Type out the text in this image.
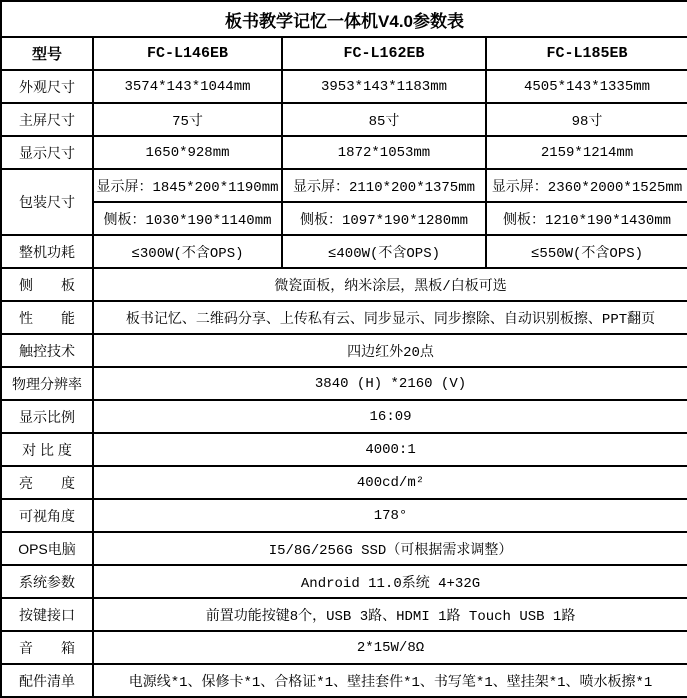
板书教学记忆一体机V4.0参数表			
型号	FC-L146EB	FC-L162EB	FC-L185EB
外观尺寸	3574*143*1044mm	3953*143*1183mm	4505*143*1335mm
主屏尺寸	75寸	85寸	98寸
显示尺寸	1650*928mm	1872*1053mm	2159*1214mm
包装尺寸	显示屏：1845*200*1190mm	显示屏：2110*200*1375mm	显示屏：2360*2000*1525mm
	侧板：1030*190*1140mm	侧板：1097*190*1280mm	侧板：1210*190*1430mm
整机功耗	≤300W(不含OPS)	≤400W(不含OPS)	≤550W(不含OPS)
侧　　板	微瓷面板，纳米涂层，黑板/白板可选		
性　　能	板书记忆、二维码分享、上传私有云、同步显示、同步擦除、自动识别板擦、PPT翻页		
触控技术	四边红外20点		
物理分辨率	3840 (H) *2160 (V)		
显示比例	16:09		
对 比 度	4000:1		
亮　　度	400cd/m²		
可视角度	178°		
OPS电脑	I5/8G/256G SSD（可根据需求调整）		
系统参数	Android 11.0系统 4+32G		
按键接口	前置功能按键8个，USB 3路、HDMI 1路 Touch USB 1路		
音　　箱	2*15W/8Ω		
配件清单	电源线*1、保修卡*1、合格证*1、壁挂套件*1、书写笔*1、壁挂架*1、喷水板擦*1		
